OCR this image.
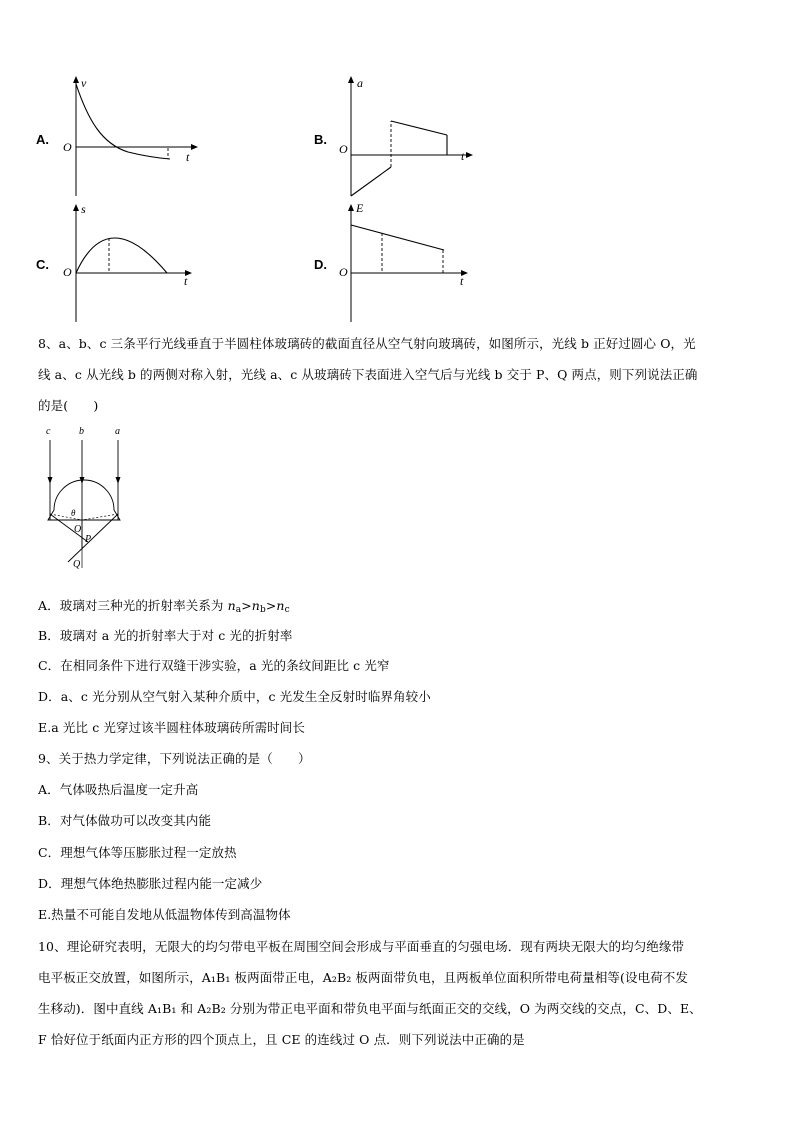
A.
v
t
O	B.
a
t
O
C.
s
t
O	D.
E
t
O
8、a、b、c 三条平行光线垂直于半圆柱体玻璃砖的截面直径从空气射向玻璃砖，如图所示，光线 b 正好过圆心 O，光
线 a、c 从光线 b 的两侧对称入射，光线 a、c 从玻璃砖下表面进入空气后与光线 b 交于 P、Q 两点，则下列说法正确
的是(　　)
c	b	a
θ
O
P
Q
A．玻璃对三种光的折射率关系为 $n_a>n_b>n_c$
B．玻璃对 a 光的折射率大于对 c 光的折射率
C．在相同条件下进行双缝干涉实验，a 光的条纹间距比 c 光窄
D．a、c 光分别从空气射入某种介质中，c 光发生全反射时临界角较小
E.a 光比 c 光穿过该半圆柱体玻璃砖所需时间长
9、关于热力学定律，下列说法正确的是（　　）
A．气体吸热后温度一定升高
B．对气体做功可以改变其内能
C．理想气体等压膨胀过程一定放热
D．理想气体绝热膨胀过程内能一定减少
E.热量不可能自发地从低温物体传到高温物体
10、理论研究表明，无限大的均匀带电平板在周围空间会形成与平面垂直的匀强电场．现有两块无限大的均匀绝缘带
电平板正交放置，如图所示，A₁B₁ 板两面带正电，A₂B₂ 板两面带负电，且两板单位面积所带电荷量相等(设电荷不发
生移动)．图中直线 A₁B₁ 和 A₂B₂ 分别为带正电平面和带负电平面与纸面正交的交线，O 为两交线的交点，C、D、E、
F 恰好位于纸面内正方形的四个顶点上，且 CE 的连线过 O 点．则下列说法中正确的是
